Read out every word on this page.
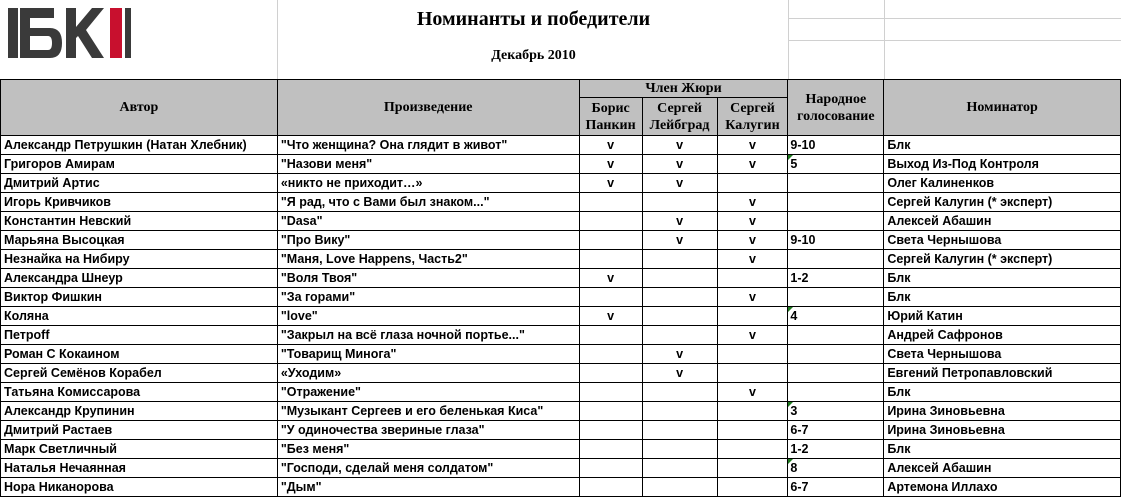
Номинанты и победители
Декабрь 2010
Автор	Произведение	Член Жюри			Народное голосование	Номинатор
		Борис Панкин	Сергей Лейбград	Сергей Калугин		
Александр Петрушкин (Натан Хлебник)	"Что женщина? Она глядит в живот"	v	v	v	9-10	Блк
Григоров Амирам	"Назови меня"	v	v	v	5	Выход Из-Под Контроля
Дмитрий Артис	«никто не приходит…»	v	v			Олег Калиненков
Игорь Кривчиков	"Я рад, что с Вами был знаком..."			v		Сергей Калугин (* эксперт)
Константин Невский	"Dasa"		v	v		Алексей Абашин
Марьяна Высоцкая	"Про Вику"		v	v	9-10	Света Чернышова
Незнайка на Нибиру	"Маня, Love Happens, Часть2"			v		Сергей Калугин (* эксперт)
Александра Шнеур	"Воля Твоя"	v			1-2	Блк
Виктор Фишкин	"За горами"			v		Блк
Коляна	"love"	v			4	Юрий Катин
Петроff	"Закрыл на всё глаза ночной портье..."			v		Андрей Сафронов
Роман С Кокаином	"Товарищ Минога"		v			Света Чернышова
Сергей Семёнов Корабел	«Уходим»		v			Евгений Петропавловский
Татьяна Комиссарова	"Отражение"			v		Блк
Александр Крупинин	"Музыкант Сергеев и его беленькая Киса"				3	Ирина Зиновьевна
Дмитрий Растаев	"У одиночества звериные глаза"				6-7	Ирина Зиновьевна
Марк Светличный	"Без меня"				1-2	Блк
Наталья Нечаянная	"Господи, сделай меня солдатом"				8	Алексей Абашин
Нора Никанорова	"Дым"				6-7	Артемона Иллахо
